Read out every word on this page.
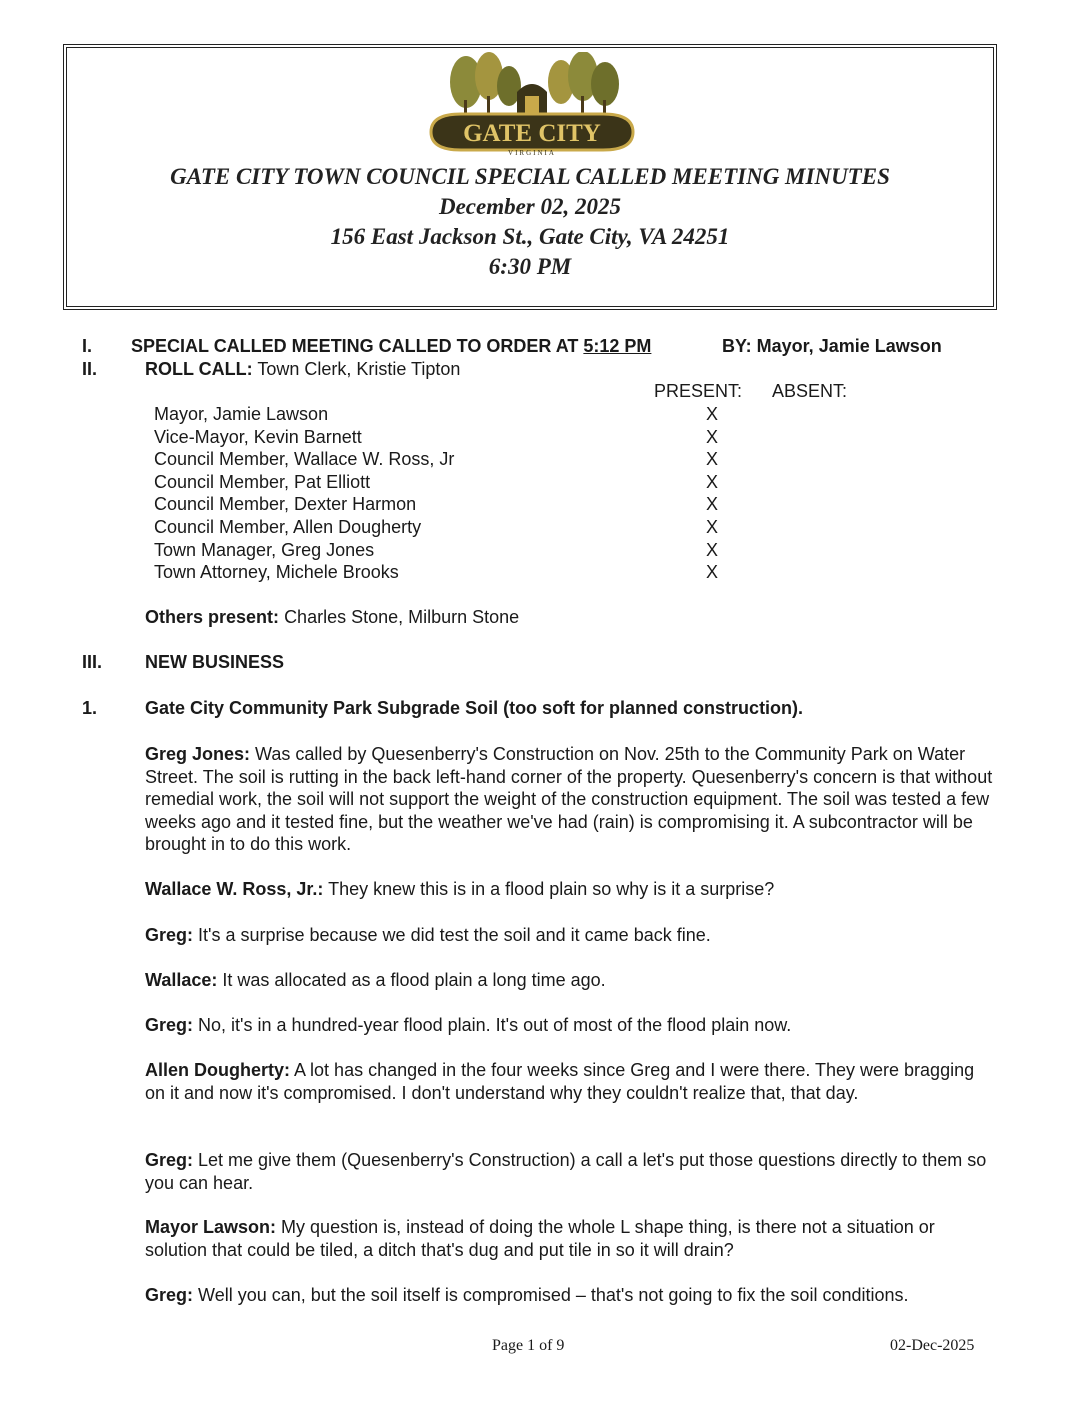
GATE CITY
VIRGINIA
GATE CITY TOWN COUNCIL SPECIAL CALLED MEETING MINUTES
December 02, 2025
156 East Jackson St., Gate City, VA 24251
6:30 PM
I. SPECIAL CALLED MEETING CALLED TO ORDER AT 5:12 PM	BY: Mayor, Jamie Lawson
II.	ROLL CALL: Town Clerk, Kristie Tipton
PRESENT: ABSENT:
Mayor, Jamie Lawson	X
Vice-Mayor, Kevin Barnett	X
Council Member, Wallace W. Ross, Jr	X
Council Member, Pat Elliott	X
Council Member, Dexter Harmon	X
Council Member, Allen Dougherty	X
Town Manager, Greg Jones	X
Town Attorney, Michele Brooks	X
Others present: Charles Stone, Milburn Stone
III. NEW BUSINESS
1.	Gate City Community Park Subgrade Soil (too soft for planned construction).
Greg Jones: Was called by Quesenberry's Construction on Nov. 25th to the Community Park on Water Street. The soil is rutting in the back left-hand corner of the property. Quesenberry's concern is that without remedial work, the soil will not support the weight of the construction equipment. The soil was tested a few weeks ago and it tested fine, but the weather we've had (rain) is compromising it. A subcontractor will be brought in to do this work.
Wallace W. Ross, Jr.: They knew this is in a flood plain so why is it a surprise?
Greg: It's a surprise because we did test the soil and it came back fine.
Wallace: It was allocated as a flood plain a long time ago.
Greg: No, it's in a hundred-year flood plain. It's out of most of the flood plain now.
Allen Dougherty: A lot has changed in the four weeks since Greg and I were there. They were bragging on it and now it's compromised. I don't understand why they couldn't realize that, that day.
Greg: Let me give them (Quesenberry's Construction) a call a let's put those questions directly to them so you can hear.
Mayor Lawson: My question is, instead of doing the whole L shape thing, is there not a situation or solution that could be tiled, a ditch that's dug and put tile in so it will drain?
Greg: Well you can, but the soil itself is compromised – that's not going to fix the soil conditions.
Page 1 of 9	02-Dec-2025
